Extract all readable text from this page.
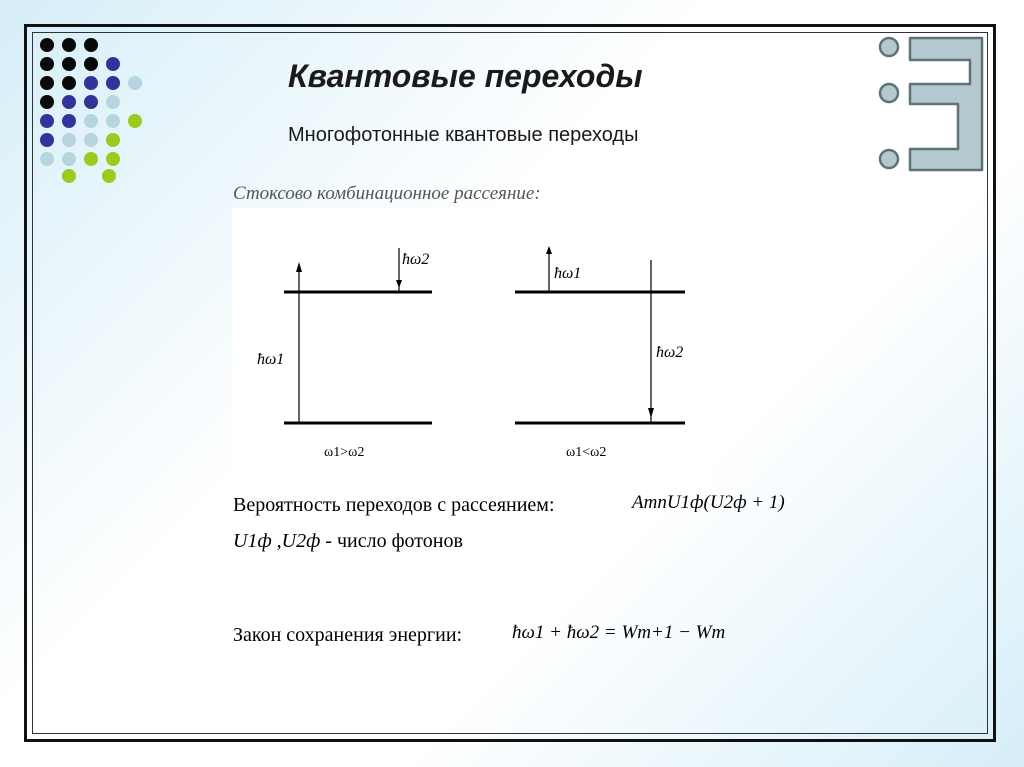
Квантовые переходы
Многофотонные квантовые переходы
Стоксово комбинационное рассеяние:
ħω2
ħω1
ω1>ω2
ħω1
ħω2
ω1<ω2
Вероятность переходов с рассеянием:	AmnU1ф(U2ф + 1)
U1ф ,U2ф - число фотонов
Закон сохранения энергии:	ħω1 + ħω2 = Wm+1 − Wm
